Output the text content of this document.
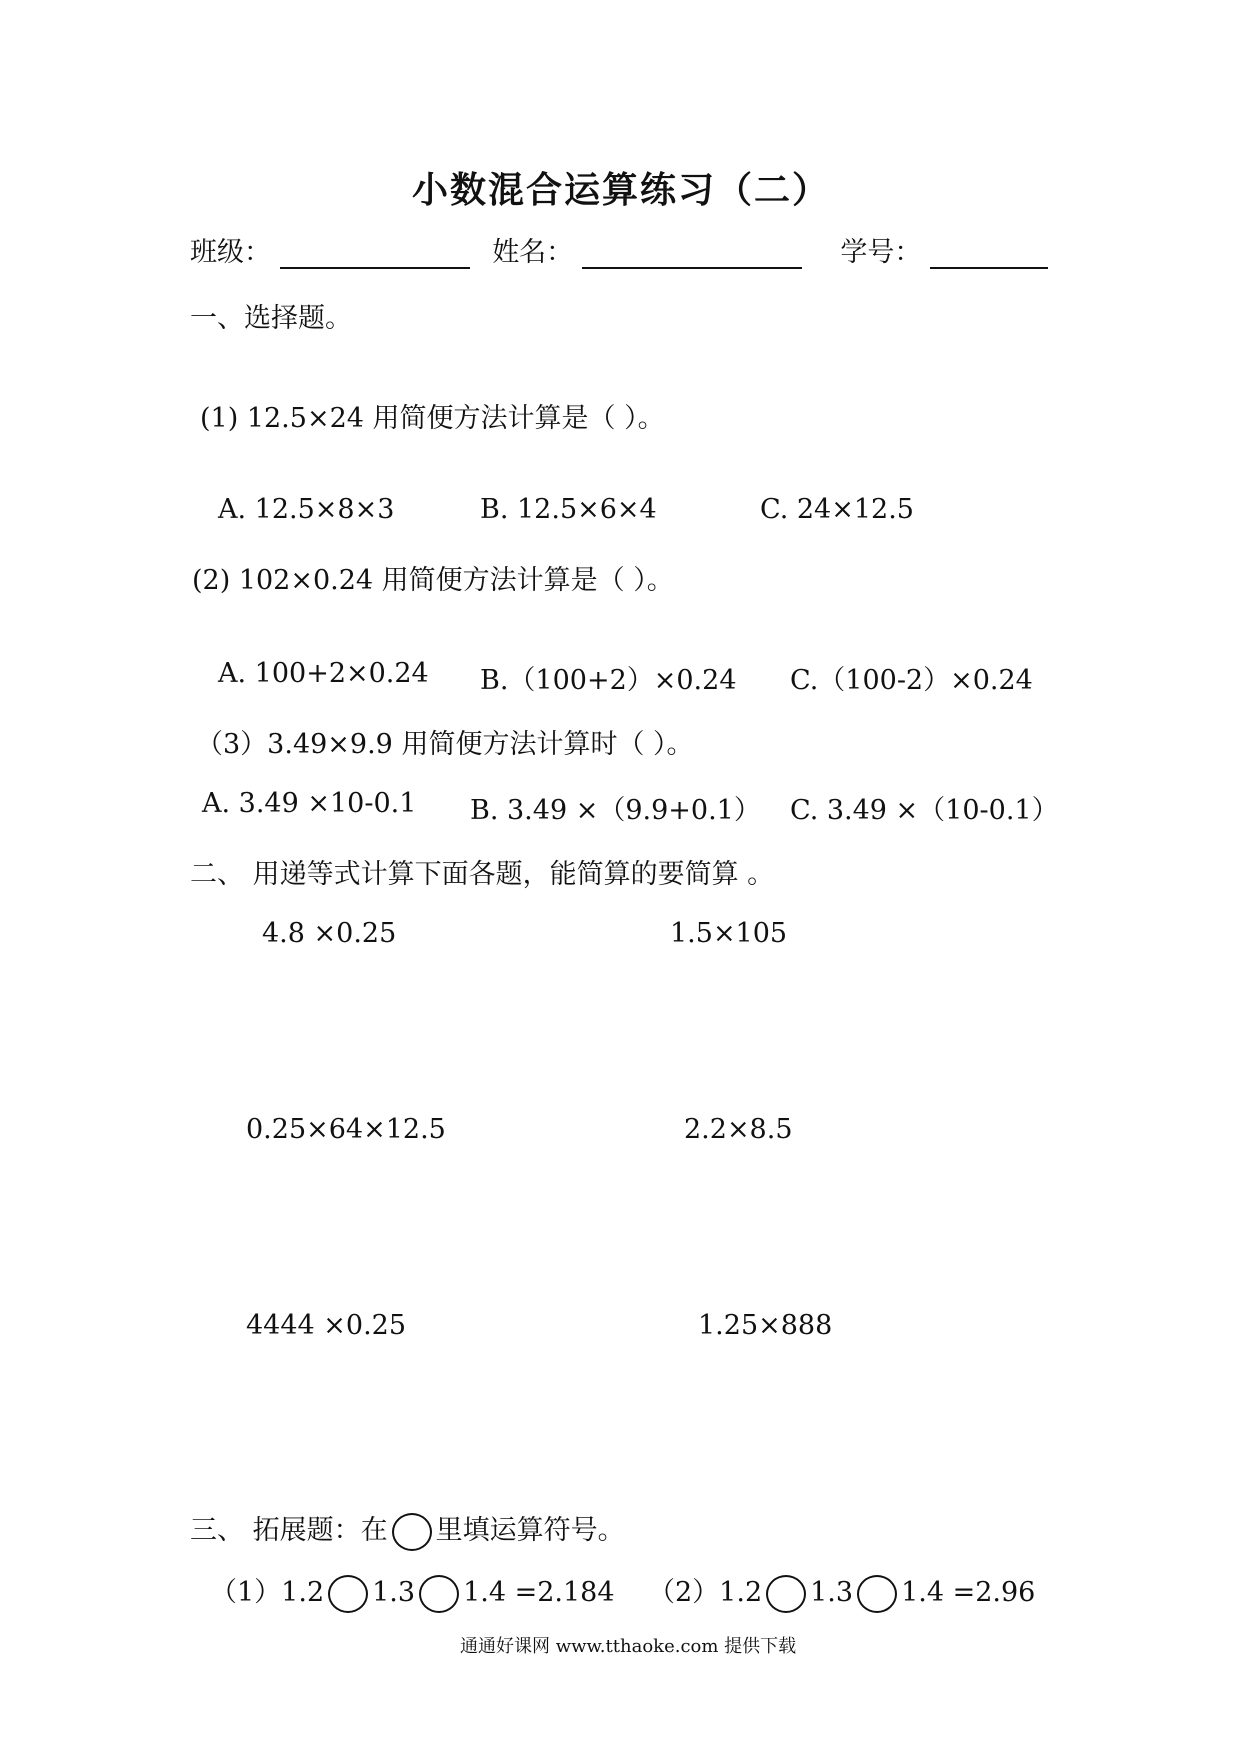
小数混合运算练习（二）
班级：	姓名：	学号：
一、选择题。
(1) 12.5×24 用简便方法计算是（ ）。
A. 12.5×8×3	B. 12.5×6×4	C. 24×12.5
(2) 102×0.24 用简便方法计算是（ ）。
A. 100+2×0.24 B.（100+2）×0.24 C.（100-2）×0.24
（3）3.49×9.9 用简便方法计算时（ ）。
A. 3.49 ×10-0.1 B. 3.49 ×（9.9+0.1） C. 3.49 ×（10-0.1）
二、 用递等式计算下面各题，能简算的要简算 。
4.8 ×0.25	1.5×105
0.25×64×12.5	2.2×8.5
4444 ×0.25	1.25×888
三、 拓展题：在 里填运算符号。
（1）1.2 1.3 1.4 =2.184 （2）1.2 1.3 1.4 =2.96
通通好课网 www.tthaoke.com 提供下载
